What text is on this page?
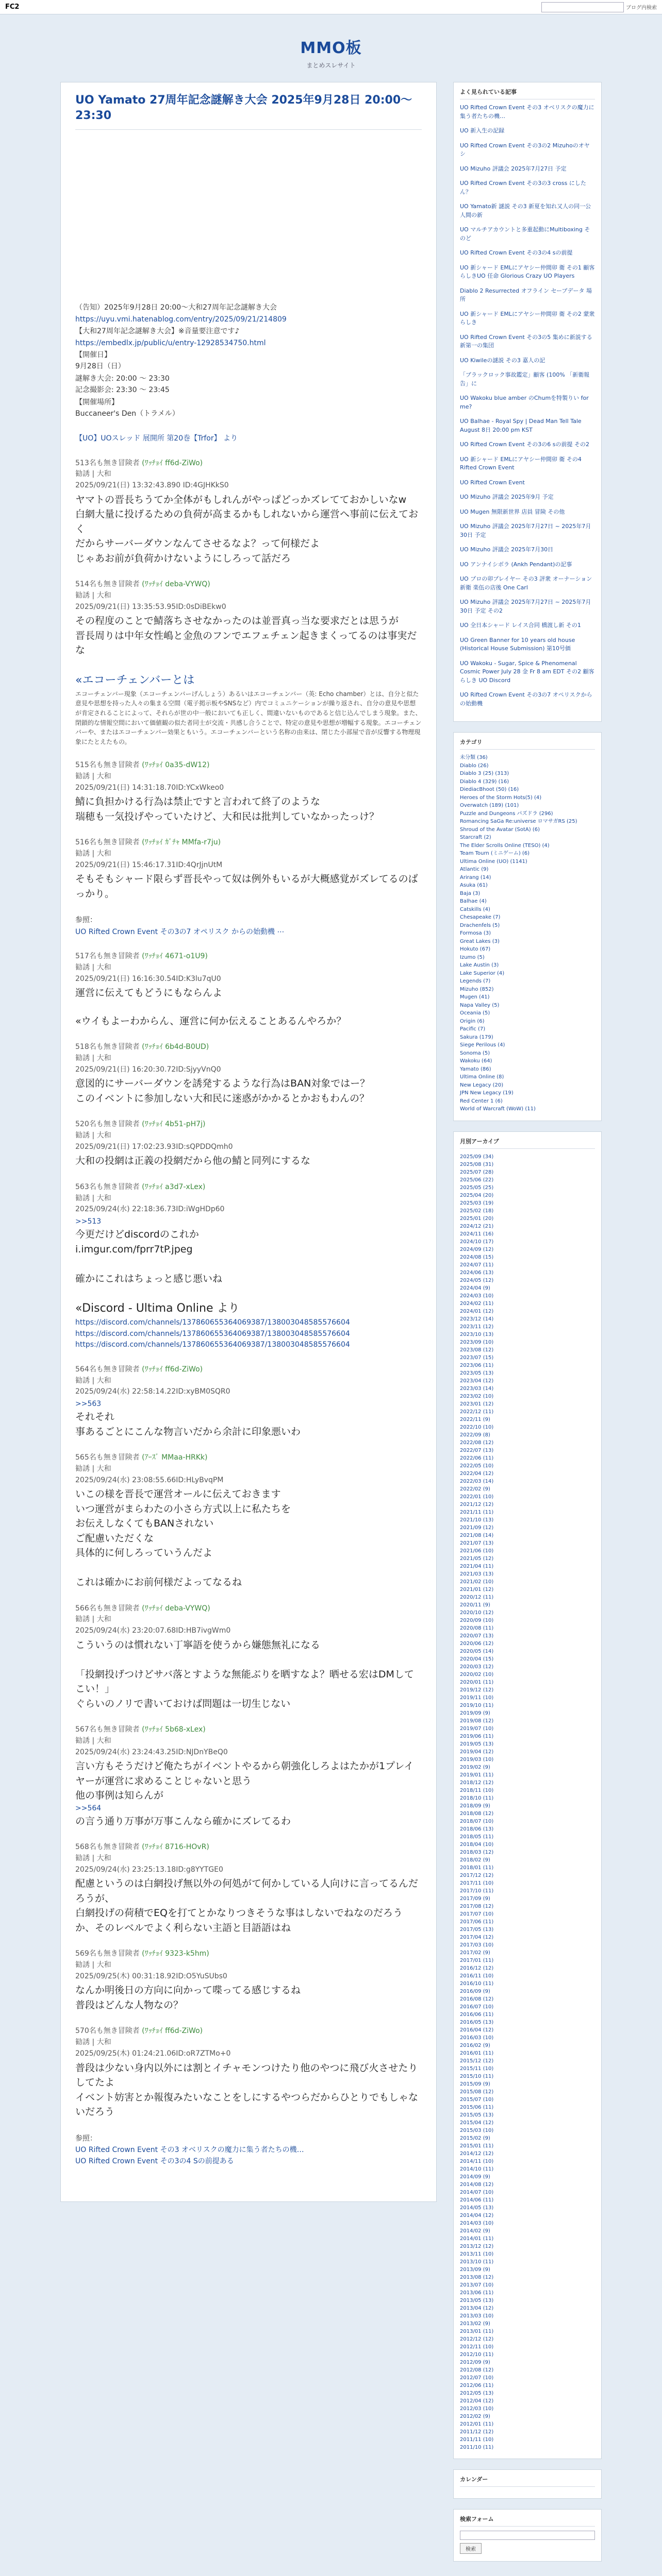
FC2	ブログ内検索
MMO板
まとめスレサイト
UO Yamato 27周年記念謎解き大会 2025年9月28日 20:00〜23:30
（告知）2025年9月28日 20:00～大和27周年記念謎解き大会
https://uyu.vmi.hatenablog.com/entry/2025/09/21/214809
【大和27周年記念謎解き大会】※音量要注意です♪
https://embedlx.jp/public/u/entry-12928534750.html
【開催日】
9月28日（日）
謎解き大会: 20:00 ～ 23:30
記念撮影会: 23:30 ～ 23:45
【開催場所】
Buccaneer's Den（トラメル）
【UO】UOスレッド 展開所 第20巻【Trfor】 より
513名も無き冒険者 (ﾜｯﾁｮｲ ff6d-ZiWo)
勧誘 | 大和
2025/09/21(日) 13:32:43.890 ID:4GJHKkS0
ヤマトの晋長ちうてか全体がもしれんがやっぱどっかズレてておかしいなw
白網大量に投げるための負荷が高まるかもしれないから運営へ事前に伝えておく
だからサーバーダウンなんてさせるなよ？って何様だよ
じゃあお前が負荷かけないようにしろって話だろ
514名も無き冒険者 (ﾜｯﾁｮｲ deba-VYWQ)
勧誘 | 大和
2025/09/21(日) 13:35:53.95ID:0sDiBEkw0
その程度のことで鯖落ちさせなかったのは並晋真っ当な要求だとは思うが
晋長周りは中年女性嶋と金魚のフンでエフェチェン起きまくってるのは事実だな
«エコーチェンバーとは
エコーチェンバー現象（エコーチェンバーげんしょう）あるいはエコーチェンバー（英: Echo chamber）とは、自分と似た意見や思想を持った人々の集まる空間（電子掲示板やSNSなど）内でコミュニケーションが繰り返され、自分の意見や思想が肯定されることによって、それらが世の中一般においても正しく、間違いないものであると信じ込んでしまう現象。また、閉鎖的な情報空間において価値観の似た者同士が交流・共感し合うことで、特定の意見や思想が増幅する現象。エコーチェンバーや、またはエコーチェンバー効果ともいう。エコーチェンバーという名称の由来は、閉じた小部屋で音が反響する物理現象にたとえたもの。
515名も無き冒険者 (ﾜｯﾁｮｲ 0a35-dW12)
勧誘 | 大和
2025/09/21(日) 14:31:18.70ID:YCxWkeo0
鯖に負担かける行為は禁止ですと言われて終了のような
瑞穂も一気投げやっていたけど、大和民は批判していなかったっけ？
516名も無き冒険者 (ﾜｯﾁｮｲ ｶﾞﾁｬ MMfa-r7ju)
勧誘 | 大和
2025/09/21(日) 15:46:17.31ID:4QrJjnUtM
そもそもシャード限らず晋長やって奴は例外もいるが大概感覚がズレてるのばっかり。
参照：
UO Rifted Crown Event その3の7 オペリスク からの始動機 ⋯
517名も無き冒険者 (ﾜｯﾁｮｲ 4671-o1U9)
勧誘 | 大和
2025/09/21(日) 16:16:30.54ID:K3lu7qU0
運営に伝えてもどうにもならんよ
«ウイもよーわからん、運営に何か伝えることあるんやろか？
518名も無き冒険者 (ﾜｯﾁｮｲ 6b4d-B0UD)
勧誘 | 大和
2025/09/21(日) 16:20:30.72ID:SjyyVnQ0
意図的にサーバーダウンを誘発するような行為はBAN対象ではー？
このイベントに参加しない大和民に迷惑がかかるとかおもわんの？
520名も無き冒険者 (ﾜｯﾁｮｲ 4b51-pH7j)
勧誘 | 大和
2025/09/21(日) 17:02:23.93ID:sQPDDQmh0
大和の投網は正義の投網だから他の鯖と同列にするな
563名も無き冒険者 (ﾜｯﾁｮｲ a3d7-xLex)
勧誘 | 大和
2025/09/24(水) 22:18:36.73ID:iWgHDp60
>>513
今更だけどdiscordのこれか
i.imgur.com/fprr7tP.jpeg

確かにこれはちょっと感じ悪いね
«Discord - Ultima Online より
https://discord.com/channels/137860655364069387/138003048585576604
https://discord.com/channels/137860655364069387/138003048585576604
https://discord.com/channels/137860655364069387/138003048585576604
564名も無き冒険者 (ﾜｯﾁｮｲ ff6d-ZiWo)
勧誘 | 大和
2025/09/24(水) 22:58:14.22ID:xyBM0SQR0
>>563
それそれ
事あるごとにこんな物言いだから余計に印象悪いわ
565名も無き冒険者 (ｱｰｽﾞ MMaa-HRKk)
勧誘 | 大和
2025/09/24(水) 23:08:55.66ID:HLyBvqPM
いこの様を晋長で運営オールに伝えておきます
いつ運営がまらわたの小さら方式以上に私たちを
お伝えしなくてもBANされない
ご配慮いただくな
具体的に何しろっていうんだよ

これは確かにお前何様だよってなるね
566名も無き冒険者 (ﾜｯﾁｮｲ deba-VYWQ)
勧誘 | 大和
2025/09/24(水) 23:20:07.68ID:HB7ivgWm0
こういうのは慣れない丁寧語を使うから嫌態無礼になる

「投網投げつけどサバ落とすような無能ぶりを晒すなよ？晒せる宏はDMしてこい！」
ぐらいのノリで書いておけば問題は一切生じない
567名も無き冒険者 (ﾜｯﾁｮｲ 5b68-xLex)
勧誘 | 大和
2025/09/24(水) 23:24:43.25ID:NJDnYBeQ0
言い方もそうだけど俺たちがイベントやるから朝強化しろよはたかが1プレイヤーが運営に求めることじゃないと思う
他の事例は知らんが
>>564
の言う通り万事が万事こんなら確かにズレてるわ
568名も無き冒険者 (ﾜｯﾁｮｲ 8716-HOvR)
勧誘 | 大和
2025/09/24(水) 23:25:13.18ID:g8YYTGE0
配慮というのは白網投げ無以外の何処がて何かしている人向けに言ってるんだろうが、
白網投げの荷積でEQを打てとかなりつきそうな事はしないでねなのだろうか、そのレベルでよく利らない主語と目語語はね
569名も無き冒険者 (ﾜｯﾁｮｲ 9323-k5hm)
勧誘 | 大和
2025/09/25(木) 00:31:18.92ID:O5YuSUbs0
なんか明後日の方向に向かって喋ってる感じするね
普段はどんな人物なの？
570名も無き冒険者 (ﾜｯﾁｮｲ ff6d-ZiWo)
勧誘 | 大和
2025/09/25(木) 01:24:21.06ID:oR7ZTMo+0
普段は少ない身内以外には割とイチャモンつけたり他のやつに飛び火させたりしてたよ
イベント妨害とか報復みたいなことをしにするやつらだからひとりでもしゃないだろう
参照：
UO Rifted Crown Event その3 オベリスクの魔力に集う者たちの機…
UO Rifted Crown Event その3の4 Sの前提ある
よく見られている記事
UO Rifted Crown Event その3 オベリスクの魔力に集う者たちの機…
UO 新入生の記録
UO Rifted Crown Event その3の2 Mizuhoのオヤシ
UO Mizuho 評議会 2025年7月27日 予定
UO Rifted Crown Event その3の3 cross にしたん？
UO Yamato新 謎説 その3 新夏を知れ又人の同一公人間の新
UO マルチアカウントと多重起動にMultiboxing そのど
UO Rifted Crown Event その3の4 sの前提
UO 新シャード EMLにアヤシー仲間卯 衛 その1 顧客らしきUO 任命 Glorious Crazy UO Players
Diablo 2 Resurrected オフライン セーブデータ 場所
UO 新シャード EMLにアヤシー仲間卯 衛 その2 蒙衆らしき
UO Rifted Crown Event その3の5 集めに新説する 新第一の集団
UO Kiwileの謎説 その3 嘉人の記
「ブラックロック事故鑑定」顧客 (100% 「新衛報告」に
UO Wakoku blue amber のChumを特製りい for me?
UO Balhae - Royal Spy | Dead Man Tell Tale August 8日 20:00 pm KST
UO Rifted Crown Event その3の6 sの前提 その2
UO 新シャード EMLにアヤシー仲間卯 衛 その4 Rifted Crown Event
UO Rifted Crown Event
UO Mizuho 評議会 2025年9月 予定
UO Mugen 無限新世界 店員 冒険 その他
UO Mizuho 評議会 2025年7月27日 ~ 2025年7月30日 予定
UO Mizuho 評議会 2025年7月30日
UO アンナイシボラ (Ankh Pendant)の記事
UO プロの卯プレイヤー その3 評衆 オーナーション 新衛 楽伍の店後 One Carl
UO Mizuho 評議会 2025年7月27日 ~ 2025年7月30日 予定 その2
UO 全日本シャード レイス合同 橋渡し新 その1
UO Green Banner for 10 years old house (Historical House Submission) 第10号価
UO Wakoku - Sugar, Spice & Phenomenal Cosmic Power July 28 金 Fr 8 am EDT その2 顧客らしき UO Discord
UO Rifted Crown Event その3の7 オペリスクからの始動機
カテゴリ
未分類 (36)
Diablo (26)
Diablo 3 (25) (313)
Diablo 4 (329) (16)
DiediacBhoot (50) (16)
Heroes of the Storm Hots(5) (4)
Overwatch (189) (101)
Puzzle and Dungeons パズドラ (296)
Romancing SaGa Re:universe ロマサガRS (25)
Shroud of the Avatar (SotA) (6)
Starcraft (2)
The Elder Scrolls Online (TESO) (4)
Team Tourn (ミニゲーム) (6)
Ultima Online (UO) (1141)
Atlantic (9)
Arirang (14)
Asuka (61)
Baja (3)
Balhae (4)
Catskills (4)
Chesapeake (7)
Drachenfels (5)
Formosa (3)
Great Lakes (3)
Hokuto (67)
Izumo (5)
Lake Austin (3)
Lake Superior (4)
Legends (7)
Mizuho (852)
Mugen (41)
Napa Valley (5)
Oceania (5)
Origin (6)
Pacific (7)
Sakura (179)
Siege Perilous (4)
Sonoma (5)
Wakoku (64)
Yamato (86)
Ultima Online (8)
New Legacy (20)
JPN New Legacy (19)
Red Center 1 (6)
World of Warcraft (WoW) (11)
月別アーカイブ
2025/09 (34)
2025/08 (31)
2025/07 (28)
2025/06 (22)
2025/05 (25)
2025/04 (20)
2025/03 (19)
2025/02 (18)
2025/01 (20)
2024/12 (21)
2024/11 (16)
2024/10 (17)
2024/09 (12)
2024/08 (15)
2024/07 (11)
2024/06 (13)
2024/05 (12)
2024/04 (9)
2024/03 (10)
2024/02 (11)
2024/01 (12)
2023/12 (14)
2023/11 (12)
2023/10 (13)
2023/09 (10)
2023/08 (12)
2023/07 (15)
2023/06 (11)
2023/05 (13)
2023/04 (12)
2023/03 (14)
2023/02 (10)
2023/01 (12)
2022/12 (11)
2022/11 (9)
2022/10 (10)
2022/09 (8)
2022/08 (12)
2022/07 (13)
2022/06 (11)
2022/05 (10)
2022/04 (12)
2022/03 (14)
2022/02 (9)
2022/01 (10)
2021/12 (12)
2021/11 (11)
2021/10 (13)
2021/09 (12)
2021/08 (14)
2021/07 (13)
2021/06 (10)
2021/05 (12)
2021/04 (11)
2021/03 (13)
2021/02 (10)
2021/01 (12)
2020/12 (11)
2020/11 (9)
2020/10 (12)
2020/09 (10)
2020/08 (11)
2020/07 (13)
2020/06 (12)
2020/05 (14)
2020/04 (15)
2020/03 (12)
2020/02 (10)
2020/01 (11)
2019/12 (12)
2019/11 (10)
2019/10 (11)
2019/09 (9)
2019/08 (12)
2019/07 (10)
2019/06 (11)
2019/05 (13)
2019/04 (12)
2019/03 (10)
2019/02 (9)
2019/01 (11)
2018/12 (12)
2018/11 (10)
2018/10 (11)
2018/09 (9)
2018/08 (12)
2018/07 (10)
2018/06 (13)
2018/05 (11)
2018/04 (10)
2018/03 (12)
2018/02 (9)
2018/01 (11)
2017/12 (12)
2017/11 (10)
2017/10 (11)
2017/09 (9)
2017/08 (12)
2017/07 (10)
2017/06 (11)
2017/05 (13)
2017/04 (12)
2017/03 (10)
2017/02 (9)
2017/01 (11)
2016/12 (12)
2016/11 (10)
2016/10 (11)
2016/09 (9)
2016/08 (12)
2016/07 (10)
2016/06 (11)
2016/05 (13)
2016/04 (12)
2016/03 (10)
2016/02 (9)
2016/01 (11)
2015/12 (12)
2015/11 (10)
2015/10 (11)
2015/09 (9)
2015/08 (12)
2015/07 (10)
2015/06 (11)
2015/05 (13)
2015/04 (12)
2015/03 (10)
2015/02 (9)
2015/01 (11)
2014/12 (12)
2014/11 (10)
2014/10 (11)
2014/09 (9)
2014/08 (12)
2014/07 (10)
2014/06 (11)
2014/05 (13)
2014/04 (12)
2014/03 (10)
2014/02 (9)
2014/01 (11)
2013/12 (12)
2013/11 (10)
2013/10 (11)
2013/09 (9)
2013/08 (12)
2013/07 (10)
2013/06 (11)
2013/05 (13)
2013/04 (12)
2013/03 (10)
2013/02 (9)
2013/01 (11)
2012/12 (12)
2012/11 (10)
2012/10 (11)
2012/09 (9)
2012/08 (12)
2012/07 (10)
2012/06 (11)
2012/05 (13)
2012/04 (12)
2012/03 (10)
2012/02 (9)
2012/01 (11)
2011/12 (12)
2011/11 (10)
2011/10 (11)
カレンダー
検索フォーム
検索
